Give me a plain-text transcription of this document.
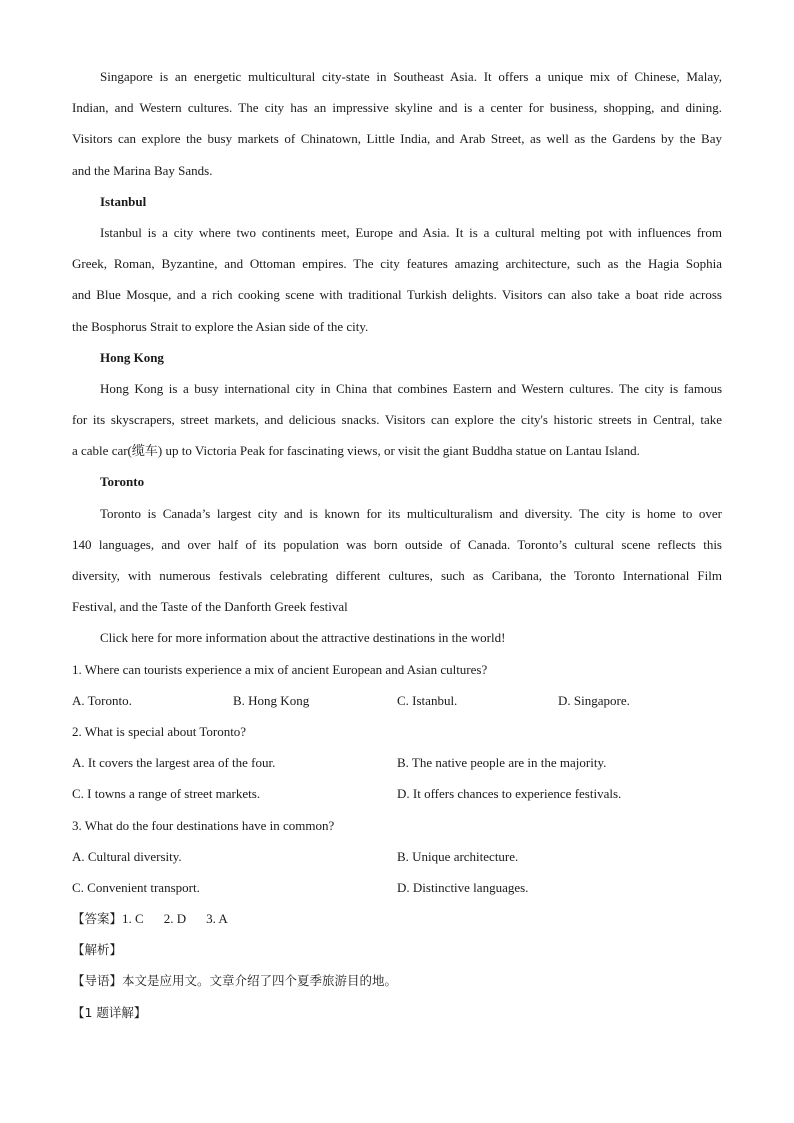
Singapore is an energetic multicultural city-state in Southeast Asia. It offers a unique mix of Chinese, Malay,
Indian, and Western cultures. The city has an impressive skyline and is a center for business, shopping, and dining.
Visitors can explore the busy markets of Chinatown, Little India, and Arab Street, as well as the Gardens by the Bay
and the Marina Bay Sands.
Istanbul
Istanbul is a city where two continents meet, Europe and Asia. It is a cultural melting pot with influences from
Greek, Roman, Byzantine, and Ottoman empires. The city features amazing architecture, such as the Hagia Sophia
and Blue Mosque, and a rich cooking scene with traditional Turkish delights. Visitors can also take a boat ride across
the Bosphorus Strait to explore the Asian side of the city.
Hong Kong
Hong Kong is a busy international city in China that combines Eastern and Western cultures. The city is famous
for its skyscrapers, street markets, and delicious snacks. Visitors can explore the city's historic streets in Central, take
a cable car(缆车) up to Victoria Peak for fascinating views, or visit the giant Buddha statue on Lantau Island.
Toronto
Toronto is Canada’s largest city and is known for its multiculturalism and diversity. The city is home to over
140 languages, and over half of its population was born outside of Canada. Toronto’s cultural scene reflects this
diversity, with numerous festivals celebrating different cultures, such as Caribana, the Toronto International Film
Festival, and the Taste of the Danforth Greek festival
Click here for more information about the attractive destinations in the world!
1. Where can tourists experience a mix of ancient European and Asian cultures?
A. Toronto.	B. Hong Kong	C. Istanbul.	D. Singapore.
2. What is special about Toronto?
A. It covers the largest area of the four.	B. The native people are in the majority.
C. I towns a range of street markets.	D. It offers chances to experience festivals.
3. What do the four destinations have in common?
A. Cultural diversity.	B. Unique architecture.
C. Convenient transport.	D. Distinctive languages.
【答案】1. C 2. D 3. A
【解析】
【导语】本文是应用文。文章介绍了四个夏季旅游目的地。
【1 题详解】
